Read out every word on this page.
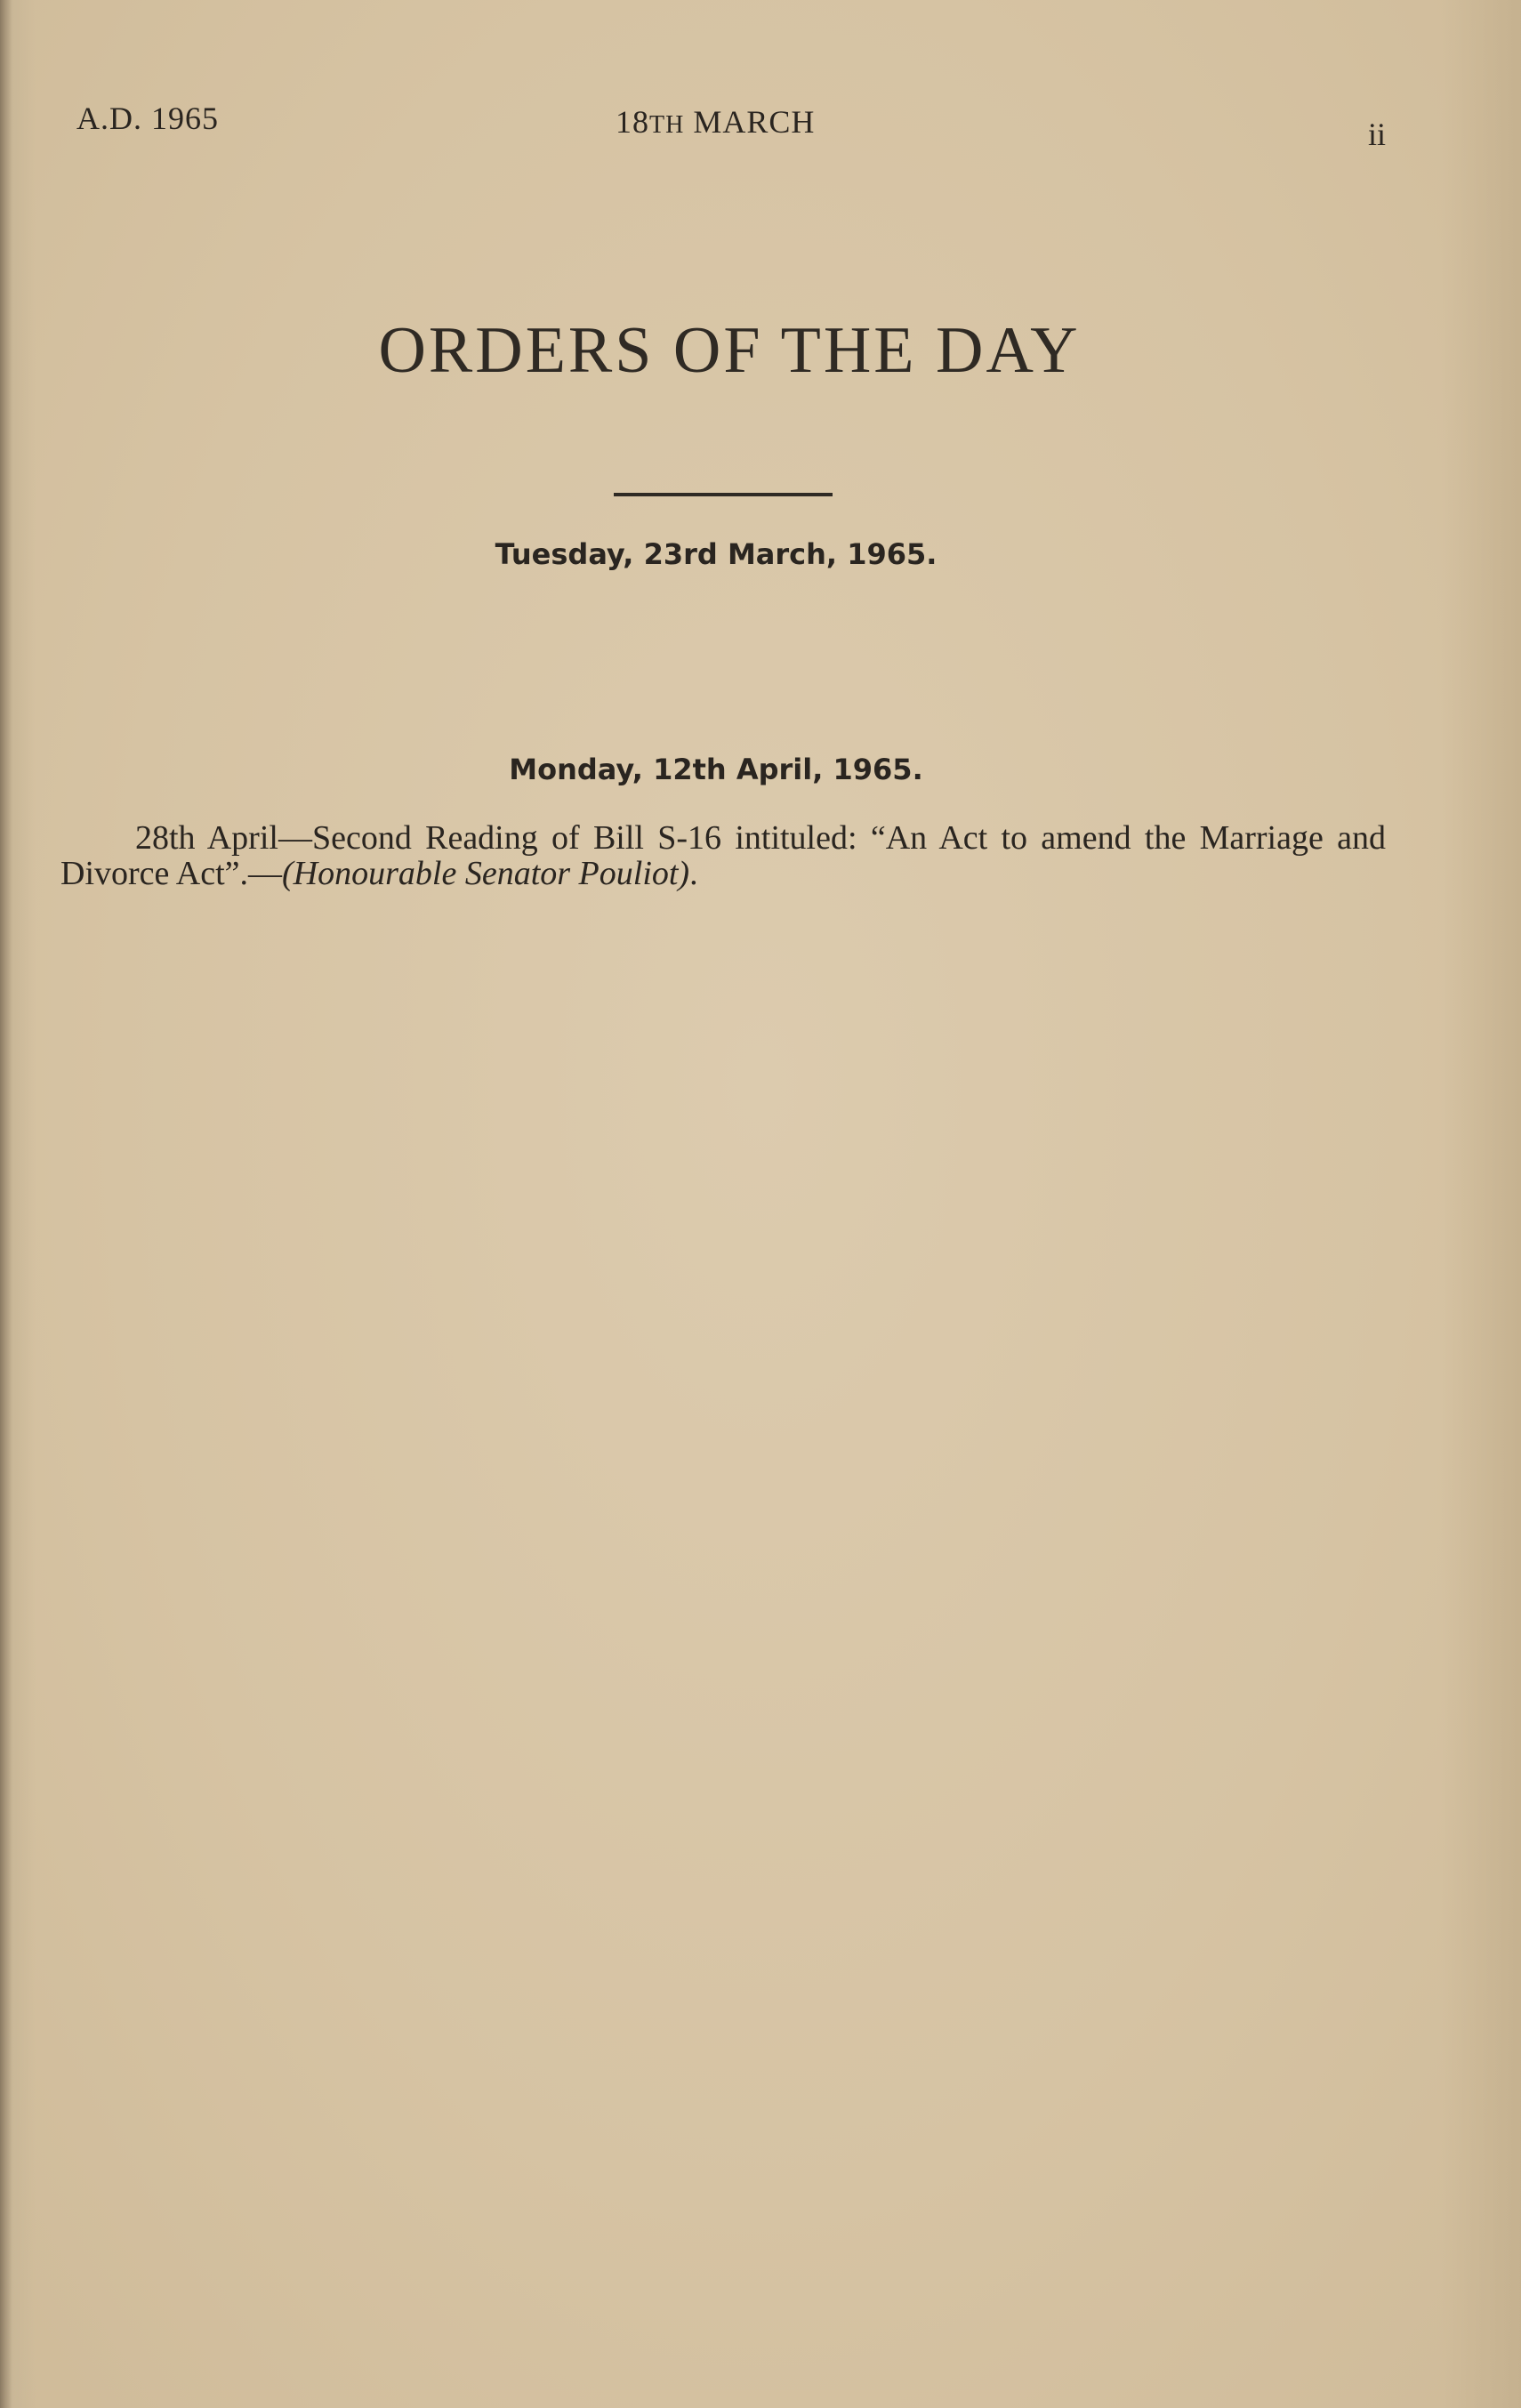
A.D. 1965	18TH MARCH	ii
ORDERS OF THE DAY
Tuesday, 23rd March, 1965.
Monday, 12th April, 1965.
28th April—Second Reading of Bill S-16 intituled: “An Act to amend the Marriage and Divorce Act”.—(Honourable Senator Pouliot).
